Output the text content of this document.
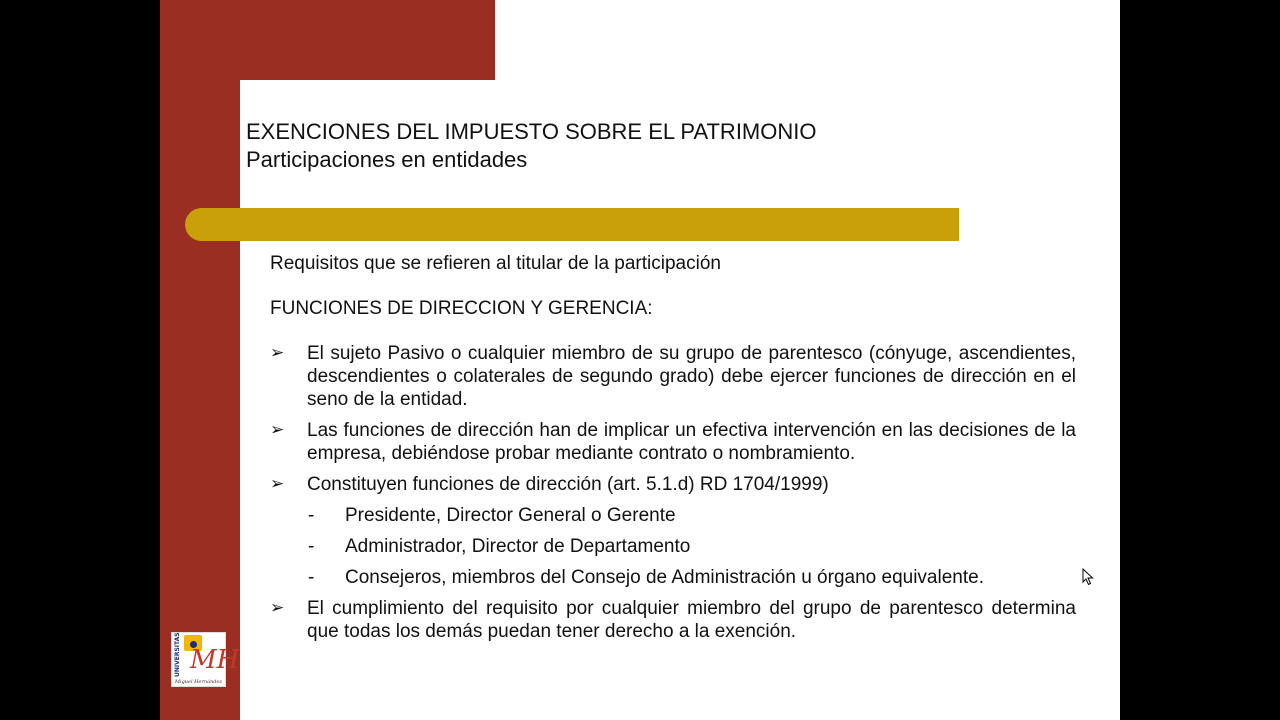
EXENCIONES DEL IMPUESTO SOBRE EL PATRIMONIO
Participaciones en entidades
UNIVERSITAS MH
Miguel Hernández

Requisitos que se refieren al titular de la participación

FUNCIONES DE DIRECCION Y GERENCIA:

➢ El sujeto Pasivo o cualquier miembro de su grupo de parentesco (cónyuge, ascendientes, descendientes o colaterales de segundo grado) debe ejercer funciones de dirección en el seno de la entidad.
➢ Las funciones de dirección han de implicar un efectiva intervención en las decisiones de la empresa, debiéndose probar mediante contrato o nombramiento.
➢ Constituyen funciones de dirección (art. 5.1.d) RD 1704/1999)
- Presidente, Director General o Gerente
- Administrador, Director de Departamento
- Consejeros, miembros del Consejo de Administración u órgano equivalente.
➢ El cumplimiento del requisito por cualquier miembro del grupo de parentesco determina que todas los demás puedan tener derecho a la exención.
